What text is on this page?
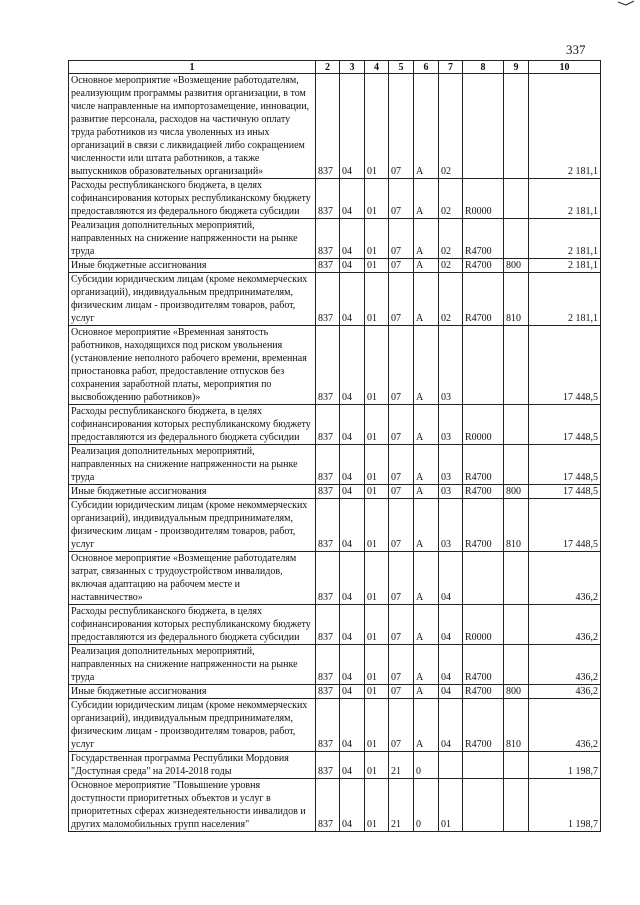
337
1	2	3	4	5	6	7	8	9	10
Основное мероприятие «Возмещение работодателям, реализующим программы развития организации, в том числе направленные на импортозамещение, инновации, развитие персонала, расходов на частичную оплату труда работников из числа уволенных из иных организаций в связи с ликвидацией либо сокращением численности или штата работников, а также выпускников образовательных организаций»	837	04	01	07	А	02			2 181,1
Расходы республиканского бюджета, в целях софинансирования которых республиканскому бюджету предоставляются из федерального бюджета субсидии	837	04	01	07	А	02	R0000		2 181,1
Реализация дополнительных мероприятий, направленных на снижение напряженности на рынке труда	837	04	01	07	А	02	R4700		2 181,1
Иные бюджетные ассигнования	837	04	01	07	А	02	R4700	800	2 181,1
Субсидии юридическим лицам (кроме некоммерческих организаций), индивидуальным предпринимателям, физическим лицам - производителям товаров, работ, услуг	837	04	01	07	А	02	R4700	810	2 181,1
Основное мероприятие «Временная занятость работников, находящихся под риском увольнения (установление неполного рабочего времени, временная приостановка работ, предоставление отпусков без сохранения заработной платы, мероприятия по высвобождению работников)»	837	04	01	07	А	03			17 448,5
Расходы республиканского бюджета, в целях софинансирования которых республиканскому бюджету предоставляются из федерального бюджета субсидии	837	04	01	07	А	03	R0000		17 448,5
Реализация дополнительных мероприятий, направленных на снижение напряженности на рынке труда	837	04	01	07	А	03	R4700		17 448,5
Иные бюджетные ассигнования	837	04	01	07	А	03	R4700	800	17 448,5
Субсидии юридическим лицам (кроме некоммерческих организаций), индивидуальным предпринимателям, физическим лицам - производителям товаров, работ, услуг	837	04	01	07	А	03	R4700	810	17 448,5
Основное мероприятие «Возмещение работодателям затрат, связанных с трудоустройством инвалидов, включая адаптацию на рабочем месте и наставничество»	837	04	01	07	А	04			436,2
Расходы республиканского бюджета, в целях софинансирования которых республиканскому бюджету предоставляются из федерального бюджета субсидии	837	04	01	07	А	04	R0000		436,2
Реализация дополнительных мероприятий, направленных на снижение напряженности на рынке труда	837	04	01	07	А	04	R4700		436,2
Иные бюджетные ассигнования	837	04	01	07	А	04	R4700	800	436,2
Субсидии юридическим лицам (кроме некоммерческих организаций), индивидуальным предпринимателям, физическим лицам - производителям товаров, работ, услуг	837	04	01	07	А	04	R4700	810	436,2
Государственная программа Республики Мордовия "Доступная среда" на 2014-2018 годы	837	04	01	21	0				1 198,7
Основное мероприятие "Повышение уровня доступности приоритетных объектов и услуг в приоритетных сферах жизнедеятельности инвалидов и других маломобильных групп населения"	837	04	01	21	0	01			1 198,7
